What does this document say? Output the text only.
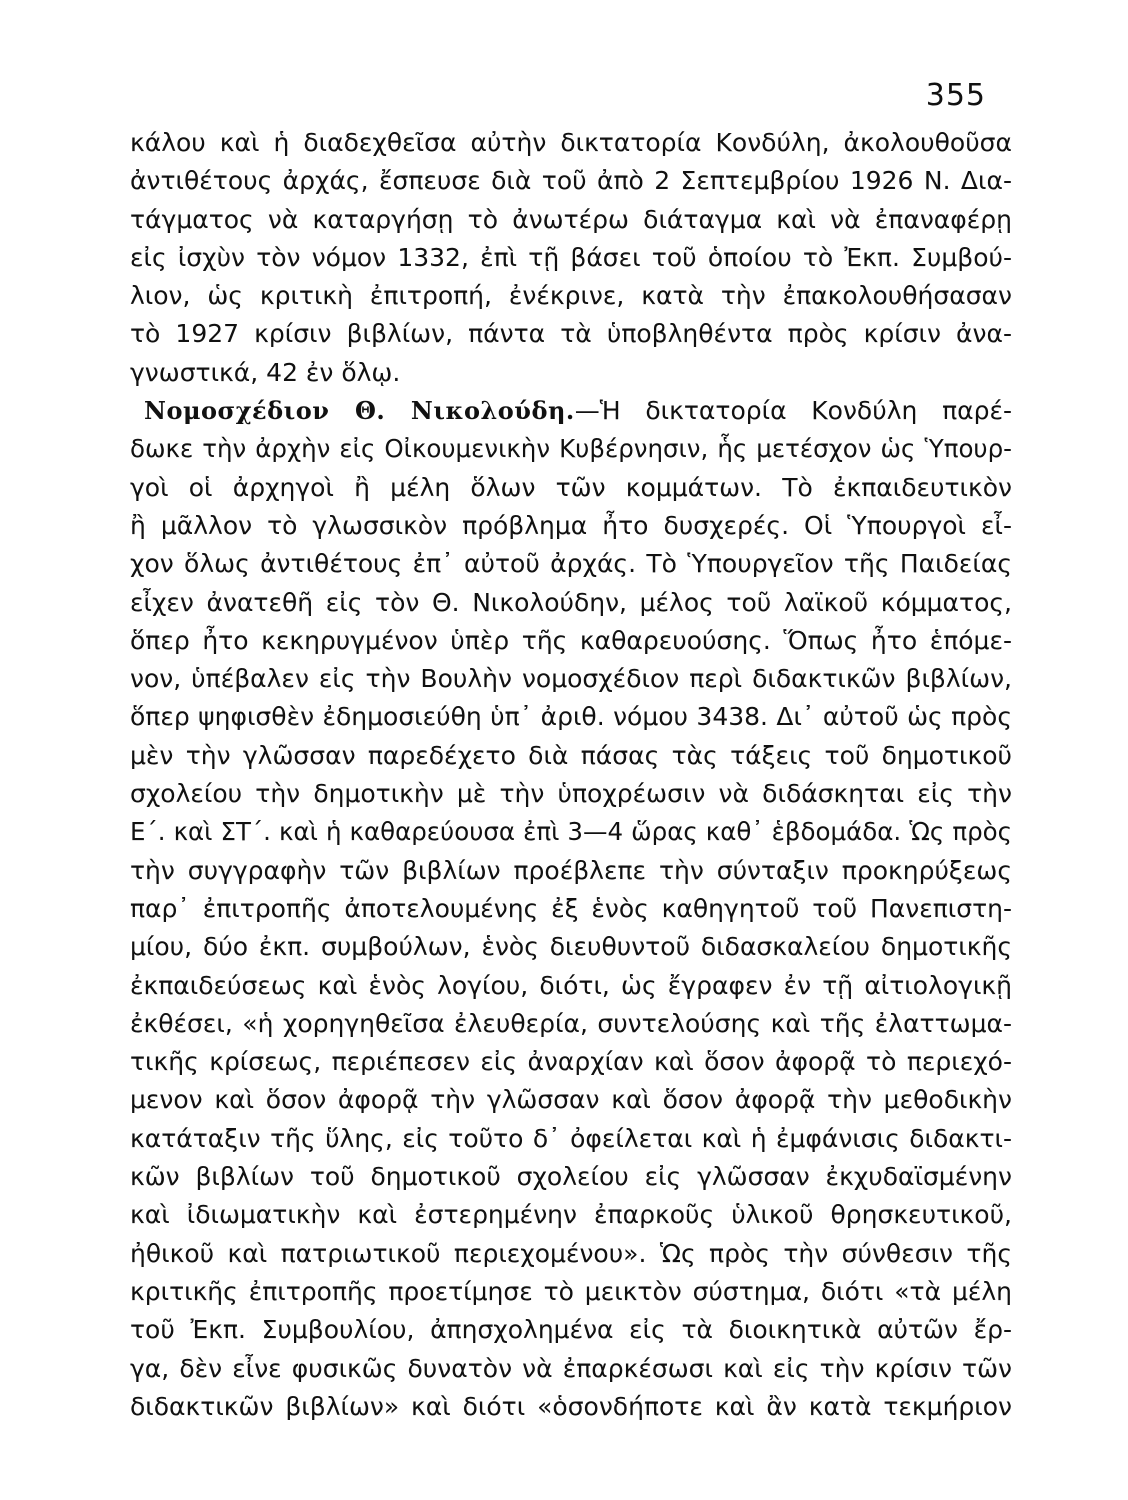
355
κάλου καὶ ἡ διαδεχθεῖσα αὐτὴν δικτατορία Κονδύλη, ἀκολουθοῦσα
ἀντιθέτους ἀρχάς, ἔσπευσε διὰ τοῦ ἀπὸ 2 Σεπτεμβρίου 1926 Ν. Δια-
τάγματος νὰ καταργήσῃ τὸ ἀνωτέρω διάταγμα καὶ νὰ ἐπαναφέρῃ
εἰς ἰσχὺν τὸν νόμον 1332, ἐπὶ τῇ βάσει τοῦ ὁποίου τὸ Ἐκπ. Συμβού-
λιον, ὡς κριτικὴ ἐπιτροπή, ἐνέκρινε, κατὰ τὴν ἐπακολουθήσασαν
τὸ 1927 κρίσιν βιβλίων, πάντα τὰ ὑποβληθέντα πρὸς κρίσιν ἀνα-
γνωστικά, 42 ἐν ὅλῳ.
Νομοσχέδιον Θ. Νικολούδη.—Ἡ δικτατορία Κονδύλη παρέ-
δωκε τὴν ἀρχὴν εἰς Οἰκουμενικὴν Κυβέρνησιν, ἧς μετέσχον ὡς Ὑπουρ-
γοὶ οἱ ἀρχηγοὶ ἢ μέλη ὅλων τῶν κομμάτων. Τὸ ἐκπαιδευτικὸν
ἢ μᾶλλον τὸ γλωσσικὸν πρόβλημα ἦτο δυσχερές. Οἱ Ὑπουργοὶ εἶ-
χον ὅλως ἀντιθέτους ἐπ᾽ αὐτοῦ ἀρχάς. Τὸ Ὑπουργεῖον τῆς Παιδείας
εἶχεν ἀνατεθῆ εἰς τὸν Θ. Νικολούδην, μέλος τοῦ λαϊκοῦ κόμματος,
ὅπερ ἦτο κεκηρυγμένον ὑπὲρ τῆς καθαρευούσης. Ὅπως ἦτο ἑπόμε-
νον, ὑπέβαλεν εἰς τὴν Βουλὴν νομοσχέδιον περὶ διδακτικῶν βιβλίων,
ὅπερ ψηφισθὲν ἐδημοσιεύθη ὑπ᾽ ἀριθ. νόμου 3438. Δι᾽ αὐτοῦ ὡς πρὸς
μὲν τὴν γλῶσσαν παρεδέχετο διὰ πάσας τὰς τάξεις τοῦ δημοτικοῦ
σχολείου τὴν δημοτικὴν μὲ τὴν ὑποχρέωσιν νὰ διδάσκηται εἰς τὴν
Ε΄. καὶ ΣΤ΄. καὶ ἡ καθαρεύουσα ἐπὶ 3—4 ὥρας καθ᾽ ἑβδομάδα. Ὡς πρὸς
τὴν συγγραφὴν τῶν βιβλίων προέβλεπε τὴν σύνταξιν προκηρύξεως
παρ᾽ ἐπιτροπῆς ἀποτελουμένης ἐξ ἑνὸς καθηγητοῦ τοῦ Πανεπιστη-
μίου, δύο ἐκπ. συμβούλων, ἑνὸς διευθυντοῦ διδασκαλείου δημοτικῆς
ἐκπαιδεύσεως καὶ ἑνὸς λογίου, διότι, ὡς ἔγραφεν ἐν τῇ αἰτιολογικῇ
ἐκθέσει, «ἡ χορηγηθεῖσα ἐλευθερία, συντελούσης καὶ τῆς ἐλαττωμα-
τικῆς κρίσεως, περιέπεσεν εἰς ἀναρχίαν καὶ ὅσον ἀφορᾷ τὸ περιεχό-
μενον καὶ ὅσον ἀφορᾷ τὴν γλῶσσαν καὶ ὅσον ἀφορᾷ τὴν μεθοδικὴν
κατάταξιν τῆς ὕλης, εἰς τοῦτο δ᾽ ὀφείλεται καὶ ἡ ἐμφάνισις διδακτι-
κῶν βιβλίων τοῦ δημοτικοῦ σχολείου εἰς γλῶσσαν ἐκχυδαϊσμένην
καὶ ἰδιωματικὴν καὶ ἐστερημένην ἐπαρκοῦς ὑλικοῦ θρησκευτικοῦ,
ἠθικοῦ καὶ πατριωτικοῦ περιεχομένου». Ὡς πρὸς τὴν σύνθεσιν τῆς
κριτικῆς ἐπιτροπῆς προετίμησε τὸ μεικτὸν σύστημα, διότι «τὰ μέλη
τοῦ Ἐκπ. Συμβουλίου, ἀπησχολημένα εἰς τὰ διοικητικὰ αὐτῶν ἔρ-
γα, δὲν εἶνε φυσικῶς δυνατὸν νὰ ἐπαρκέσωσι καὶ εἰς τὴν κρίσιν τῶν
διδακτικῶν βιβλίων» καὶ διότι «ὁσονδήποτε καὶ ἂν κατὰ τεκμήριον
